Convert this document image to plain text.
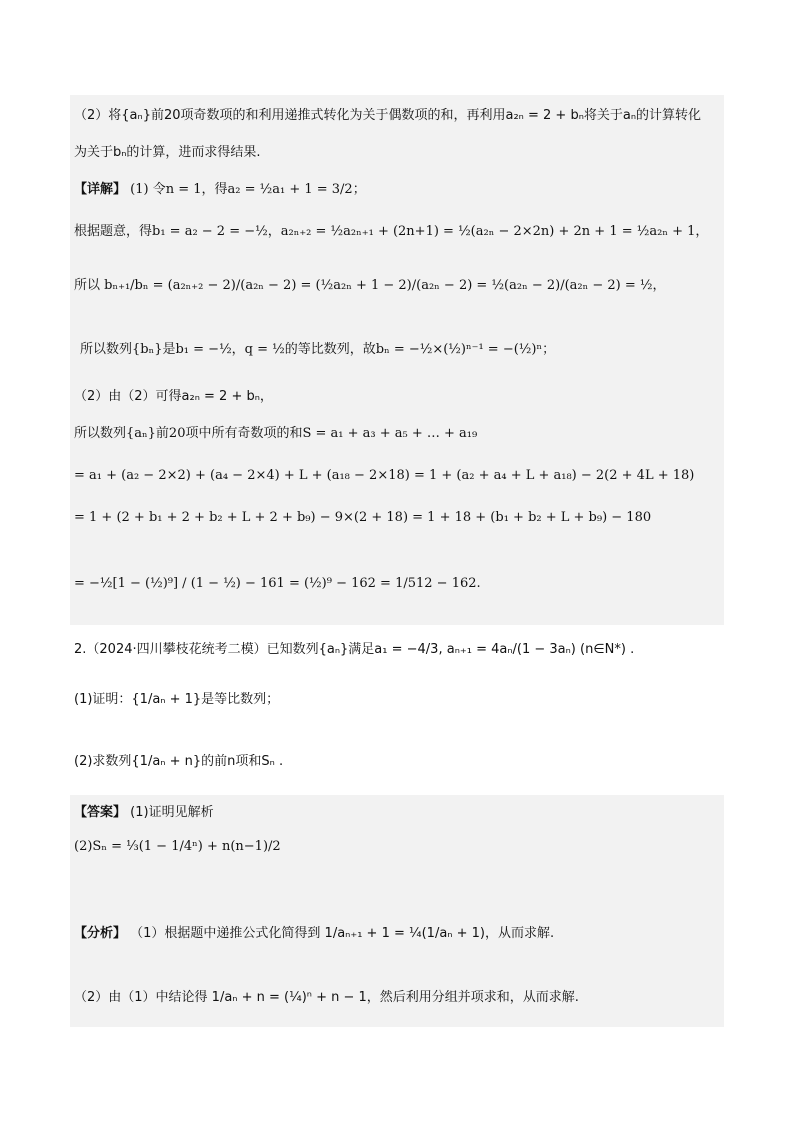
（2）将{aₙ}前20项奇数项的和利用递推式转化为关于偶数项的和，再利用a₂ₙ = 2 + bₙ将关于aₙ的计算转化
为关于bₙ的计算，进而求得结果.
【详解】 (1) 令n = 1，得a₂ = ½a₁ + 1 = 3/2；
根据题意，得b₁ = a₂ − 2 = −½，a₂ₙ₊₂ = ½a₂ₙ₊₁ + (2n+1) = ½(a₂ₙ − 2×2n) + 2n + 1 = ½a₂ₙ + 1，
所以 bₙ₊₁/bₙ = (a₂ₙ₊₂ − 2)/(a₂ₙ − 2) = (½a₂ₙ + 1 − 2)/(a₂ₙ − 2) = ½(a₂ₙ − 2)/(a₂ₙ − 2) = ½，
所以数列{bₙ}是b₁ = −½，q = ½的等比数列，故bₙ = −½×(½)ⁿ⁻¹ = −(½)ⁿ；
（2）由（2）可得a₂ₙ = 2 + bₙ，
所以数列{aₙ}前20项中所有奇数项的和S = a₁ + a₃ + a₅ + … + a₁₉
= a₁ + (a₂ − 2×2) + (a₄ − 2×4) + L + (a₁₈ − 2×18) = 1 + (a₂ + a₄ + L + a₁₈) − 2(2 + 4L + 18)
= 1 + (2 + b₁ + 2 + b₂ + L + 2 + b₉) − 9×(2 + 18) = 1 + 18 + (b₁ + b₂ + L + b₉) − 180
= −½[1 − (½)⁹] / (1 − ½) − 161 = (½)⁹ − 162 = 1/512 − 162.
2.（2024·四川攀枝花统考二模）已知数列{aₙ}满足a₁ = −4/3, aₙ₊₁ = 4aₙ/(1 − 3aₙ) (n∈N*) .
(1)证明：{1/aₙ + 1}是等比数列；
(2)求数列{1/aₙ + n}的前n项和Sₙ .
【答案】 (1)证明见解析
(2)Sₙ = ⅓(1 − 1/4ⁿ) + n(n−1)/2
【分析】 （1）根据题中递推公式化简得到 1/aₙ₊₁ + 1 = ¼(1/aₙ + 1)，从而求解.
（2）由（1）中结论得 1/aₙ + n = (¼)ⁿ + n − 1，然后利用分组并项求和，从而求解.
